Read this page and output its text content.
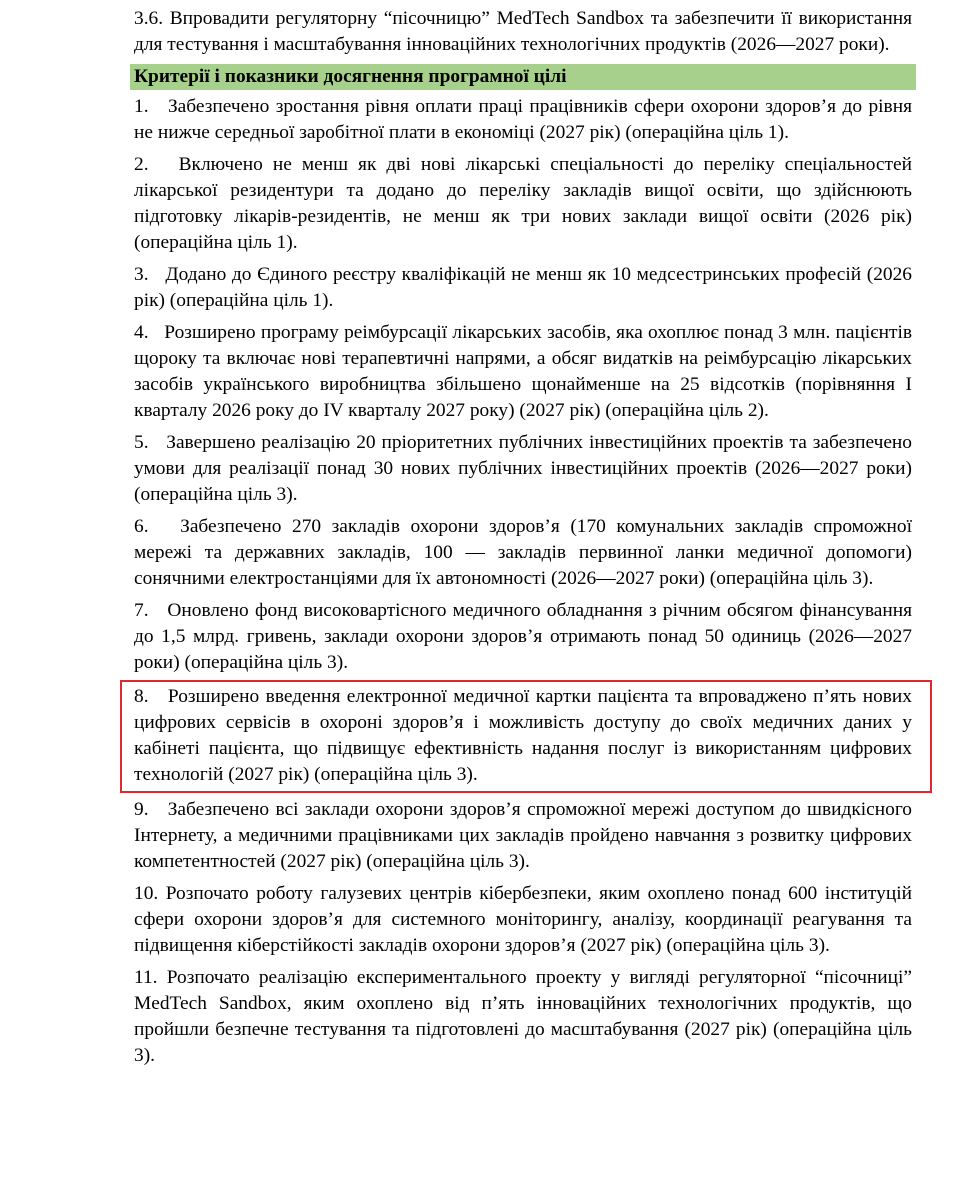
3.6. Впровадити регуляторну “пісочницю” MedTech Sandbox та забезпечити її використання для тестування і масштабування інноваційних технологічних продуктів (2026—2027 роки).

Критерії і показники досягнення програмної цілі

1. Забезпечено зростання рівня оплати праці працівників сфери охорони здоров’я до рівня не нижче середньої заробітної плати в економіці (2027 рік) (операційна ціль 1).

2. Включено не менш як дві нові лікарські спеціальності до переліку спеціальностей лікарської резидентури та додано до переліку закладів вищої освіти, що здійснюють підготовку лікарів-резидентів, не менш як три нових заклади вищої освіти (2026 рік) (операційна ціль 1).

3. Додано до Єдиного реєстру кваліфікацій не менш як 10 медсестринських професій (2026 рік) (операційна ціль 1).

4. Розширено програму реімбурсації лікарських засобів, яка охоплює понад 3 млн. пацієнтів щороку та включає нові терапевтичні напрями, а обсяг видатків на реімбурсацію лікарських засобів українського виробництва збільшено щонайменше на 25 відсотків (порівняння I кварталу 2026 року до IV кварталу 2027 року) (2027 рік) (операційна ціль 2).

5. Завершено реалізацію 20 пріоритетних публічних інвестиційних проектів та забезпечено умови для реалізації понад 30 нових публічних інвестиційних проектів (2026—2027 роки) (операційна ціль 3).

6. Забезпечено 270 закладів охорони здоров’я (170 комунальних закладів спроможної мережі та державних закладів, 100 — закладів первинної ланки медичної допомоги) сонячними електростанціями для їх автономності (2026—2027 роки) (операційна ціль 3).

7. Оновлено фонд високовартісного медичного обладнання з річним обсягом фінансування до 1,5 млрд. гривень, заклади охорони здоров’я отримають понад 50 одиниць (2026—2027 роки) (операційна ціль 3).

8. Розширено введення електронної медичної картки пацієнта та впроваджено п’ять нових цифрових сервісів в охороні здоров’я і можливість доступу до своїх медичних даних у кабінеті пацієнта, що підвищує ефективність надання послуг із використанням цифрових технологій (2027 рік) (операційна ціль 3).

9. Забезпечено всі заклади охорони здоров’я спроможної мережі доступом до швидкісного Інтернету, а медичними працівниками цих закладів пройдено навчання з розвитку цифрових компетентностей (2027 рік) (операційна ціль 3).

10. Розпочато роботу галузевих центрів кібербезпеки, яким охоплено понад 600 інституцій сфери охорони здоров’я для системного моніторингу, аналізу, координації реагування та підвищення кіберстійкості закладів охорони здоров’я (2027 рік) (операційна ціль 3).

11. Розпочато реалізацію експериментального проекту у вигляді регуляторної “пісочниці” MedTech Sandbox, яким охоплено від п’ять інноваційних технологічних продуктів, що пройшли безпечне тестування та підготовлені до масштабування (2027 рік) (операційна ціль 3).
